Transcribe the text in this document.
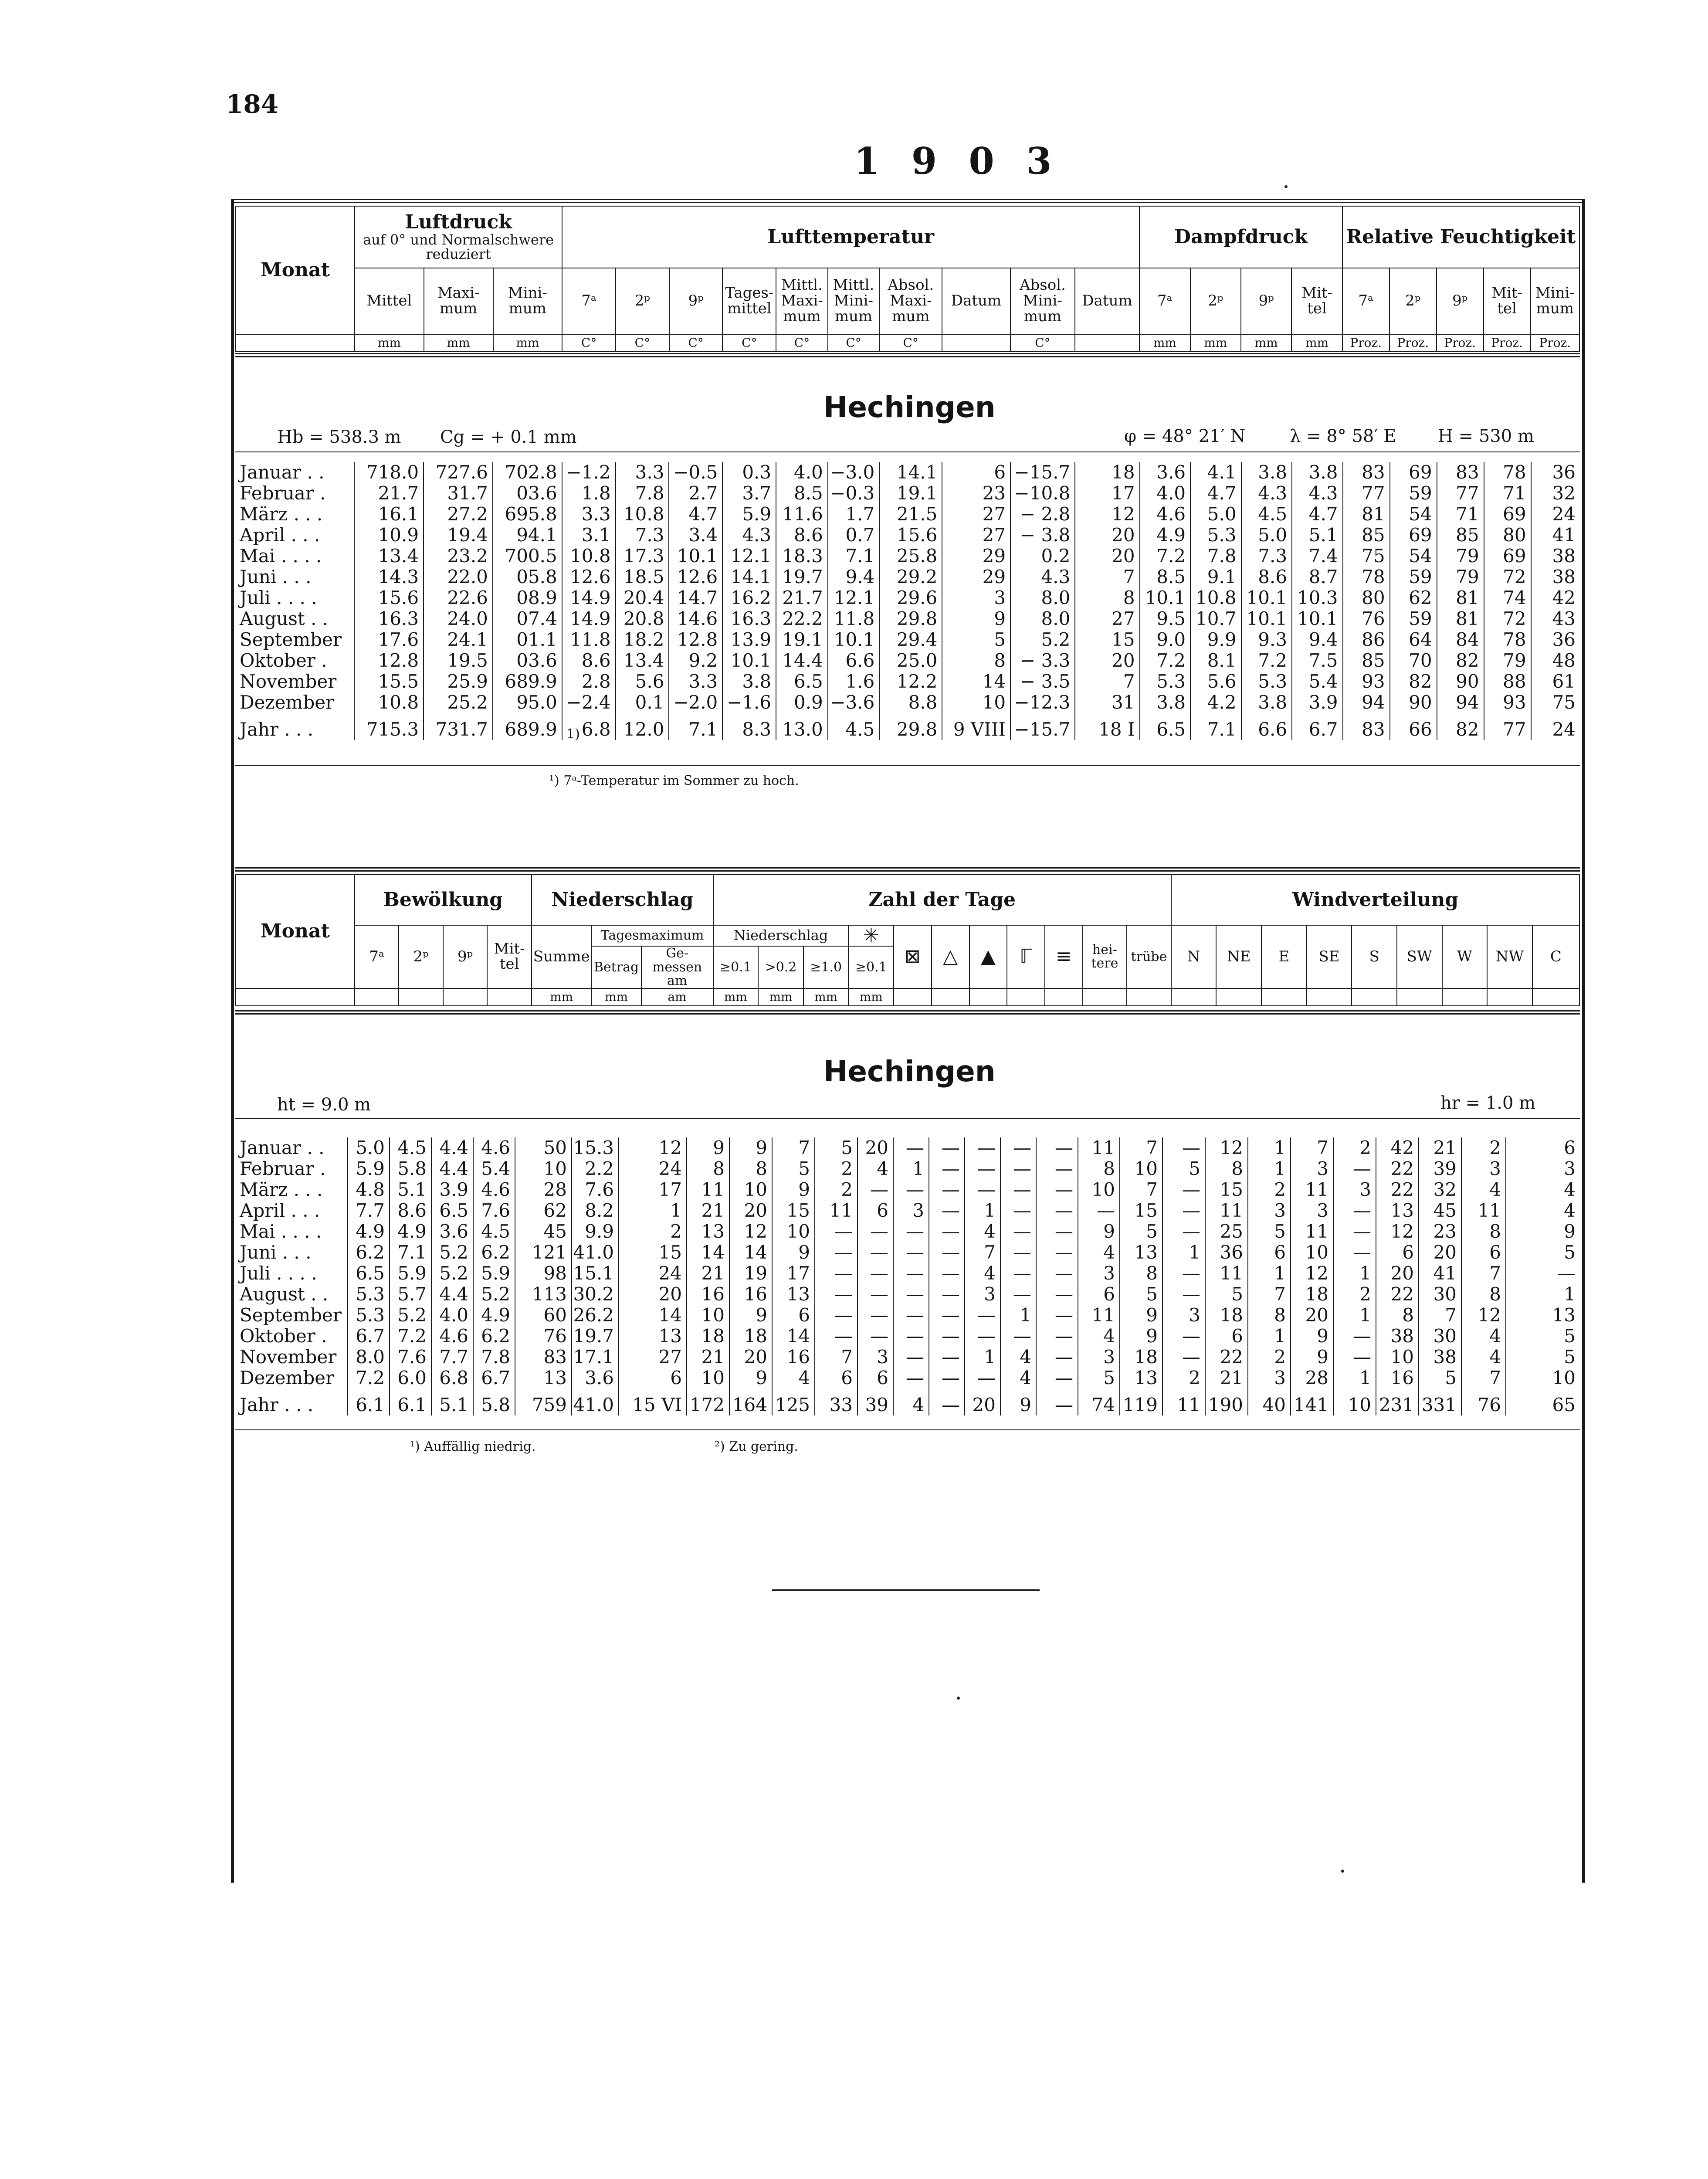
184
1 9 0 3
Monat	Luftdruck
auf 0° und Normalschwere reduziert			Lufttemperatur										Dampfdruck				Relative Feuchtigkeit				
	Mittel	Maxi-mum	Mini-mum	7ᵃ	2ᵖ	9ᵖ	Tages-mittel	Mittl. Maxi-mum	Mittl. Mini-mum	Absol. Maxi-mum	Datum	Absol. Mini-mum	Datum	7ᵃ	2ᵖ	9ᵖ	Mit-tel	7ᵃ	2ᵖ	9ᵖ	Mit-tel	Mini-mum
	mm	mm	mm	C°	C°	C°	C°	C°	C°	C°		C°		mm	mm	mm	mm	Proz.	Proz.	Proz.	Proz.	Proz.
Hechingen
Hb = 538.3 m Cg = + 0.1 mm	φ = 48° 21′ N	λ = 8° 58′ E H = 530 m
Januar . .	718.0	727.6	702.8	−1.2	3.3	−0.5	0.3	4.0	−3.0	14.1	6	−15.7	18	3.6	4.1	3.8	3.8	83	69	83	78	36
Februar .	21.7	31.7	03.6	1.8	7.8	2.7	3.7	8.5	−0.3	19.1	23	−10.8	17	4.0	4.7	4.3	4.3	77	59	77	71	32
März . . .	16.1	27.2	695.8	3.3	10.8	4.7	5.9	11.6	1.7	21.5	27	− 2.8	12	4.6	5.0	4.5	4.7	81	54	71	69	24
April . . .	10.9	19.4	94.1	3.1	7.3	3.4	4.3	8.6	0.7	15.6	27	− 3.8	20	4.9	5.3	5.0	5.1	85	69	85	80	41
Mai . . . .	13.4	23.2	700.5	10.8	17.3	10.1	12.1	18.3	7.1	25.8	29	0.2	20	7.2	7.8	7.3	7.4	75	54	79	69	38
Juni . . .	14.3	22.0	05.8	12.6	18.5	12.6	14.1	19.7	9.4	29.2	29	4.3	7	8.5	9.1	8.6	8.7	78	59	79	72	38
Juli . . . .	15.6	22.6	08.9	14.9	20.4	14.7	16.2	21.7	12.1	29.6	3	8.0	8	10.1	10.8	10.1	10.3	80	62	81	74	42
August . .	16.3	24.0	07.4	14.9	20.8	14.6	16.3	22.2	11.8	29.8	9	8.0	27	9.5	10.7	10.1	10.1	76	59	81	72	43
September	17.6	24.1	01.1	11.8	18.2	12.8	13.9	19.1	10.1	29.4	5	5.2	15	9.0	9.9	9.3	9.4	86	64	84	78	36
Oktober .	12.8	19.5	03.6	8.6	13.4	9.2	10.1	14.4	6.6	25.0	8	− 3.3	20	7.2	8.1	7.2	7.5	85	70	82	79	48
November	15.5	25.9	689.9	2.8	5.6	3.3	3.8	6.5	1.6	12.2	14	− 3.5	7	5.3	5.6	5.3	5.4	93	82	90	88	61
Dezember	10.8	25.2	95.0	−2.4	0.1	−2.0	−1.6	0.9	−3.6	8.8	10	−12.3	31	3.8	4.2	3.8	3.9	94	90	94	93	75
Jahr . . .	715.3	731.7	689.9	6.8	12.0	7.1	8.3	13.0	4.5	29.8	9 VIII	−15.7	18 I	6.5	7.1	6.6	6.7	83	66	82	77	24
1)
¹) 7ᵃ-Temperatur im Sommer zu hoch.
Monat	Bewölkung				Niederschlag			Zahl der Tage											Windverteilung								
	7ᵃ	2ᵖ	9ᵖ	Mit-tel	Summe	Tagesmaximum		Niederschlag			✳	⊠	△	▲	ℾ	≡	hei-tere	trübe	N	NE	E	SE	S	SW	W	NW	C
						Betrag	Ge-messen am	≥0.1	>0.2	≥1.0	≥0.1																
					mm	mm	am	mm	mm	mm	mm																
Hechingen
ht = 9.0 m	hr = 1.0 m
Januar . .	5.0	4.5	4.4	4.6	50	15.3	12	9	9	7	5	20	—	—	—	—	—	11	7	—	12	1	7	2	42	21	2	6
Februar .	5.9	5.8	4.4	5.4	10	2.2	24	8	8	5	2	4	1	—	—	—	—	8	10	5	8	1	3	—	22	39	3	3
März . . .	4.8	5.1	3.9	4.6	28	7.6	17	11	10	9	2	—	—	—	—	—	—	10	7	—	15	2	11	3	22	32	4	4
April . . .	7.7	8.6	6.5	7.6	62	8.2	1	21	20	15	11	6	3	—	1	—	—	—	15	—	11	3	3	—	13	45	11	4
Mai . . . .	4.9	4.9	3.6	4.5	45	9.9	2	13	12	10	—	—	—	—	4	—	—	9	5	—	25	5	11	—	12	23	8	9
Juni . . .	6.2	7.1	5.2	6.2	121	41.0	15	14	14	9	—	—	—	—	7	—	—	4	13	1	36	6	10	—	6	20	6	5
Juli . . . .	6.5	5.9	5.2	5.9	98	15.1	24	21	19	17	—	—	—	—	4	—	—	3	8	—	11	1	12	1	20	41	7	—
August . .	5.3	5.7	4.4	5.2	113	30.2	20	16	16	13	—	—	—	—	3	—	—	6	5	—	5	7	18	2	22	30	8	1
September	5.3	5.2	4.0	4.9	60	26.2	14	10	9	6	—	—	—	—	—	1	—	11	9	3	18	8	20	1	8	7	12	13
Oktober .	6.7	7.2	4.6	6.2	76	19.7	13	18	18	14	—	—	—	—	—	—	—	4	9	—	6	1	9	—	38	30	4	5
November	8.0	7.6	7.7	7.8	83	17.1	27	21	20	16	7	3	—	—	1	4	—	3	18	—	22	2	9	—	10	38	4	5
Dezember	7.2	6.0	6.8	6.7	13	3.6	6	10	9	4	6	6	—	—	—	4	—	5	13	2	21	3	28	1	16	5	7	10
Jahr . . .	6.1	6.1	5.1	5.8	759	41.0	15 VI	172	164	125	33	39	4	—	20	9	—	74	119	11	190	40	141	10	231	331	76	65
¹) Auffällig niedrig.	²) Zu gering.
